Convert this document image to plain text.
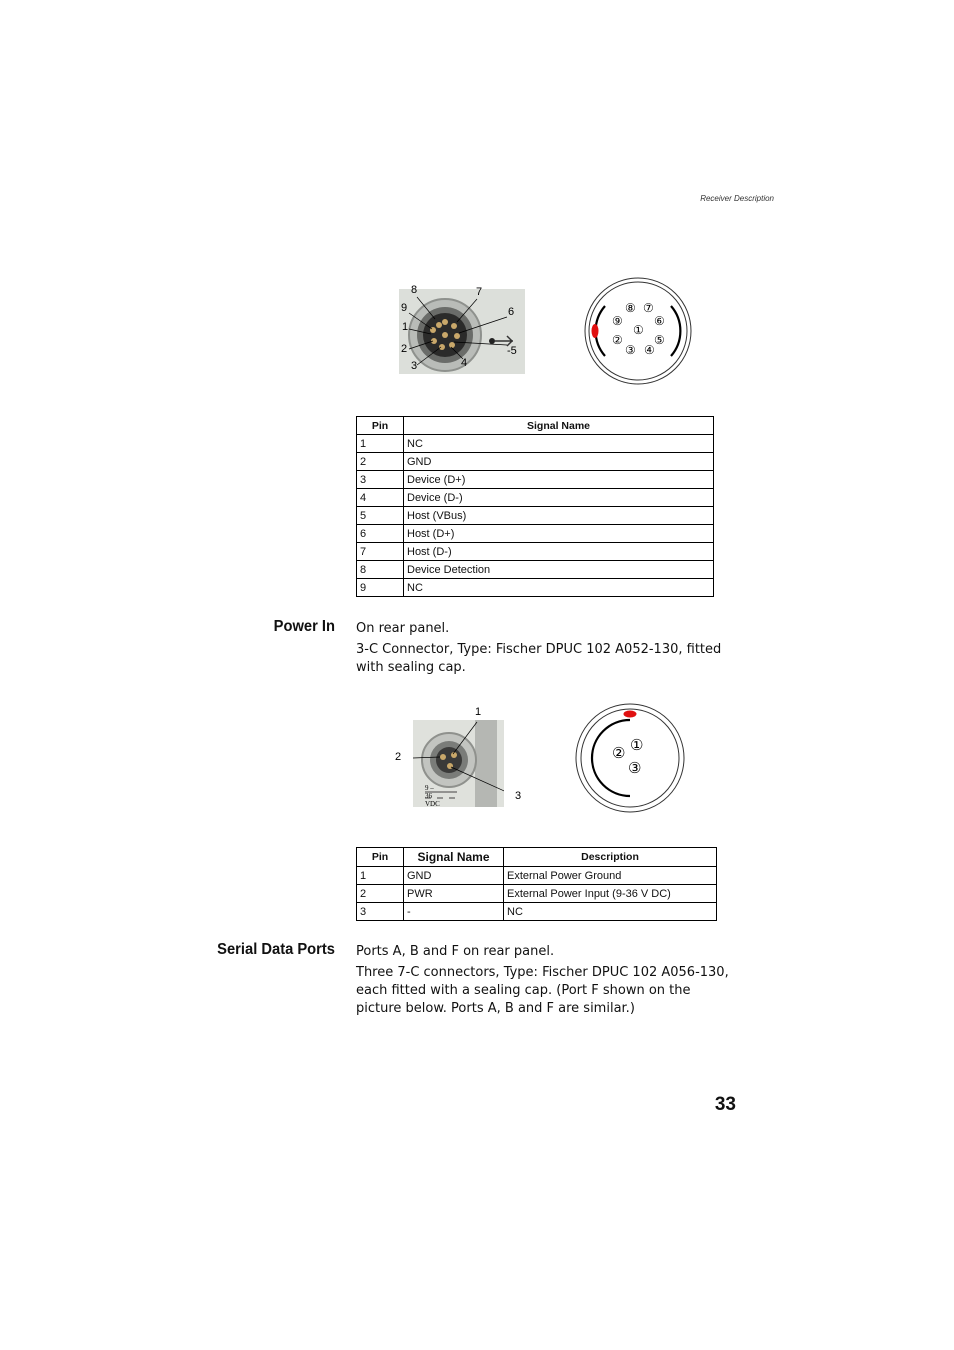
Receiver Description
8	7
9	6
1
2	-5
3	4
⑧ ⑦
⑨	⑥
①
②	⑤
③ ④
Pin	Signal Name
1	NC
2	GND
3	Device (D+)
4	Device (D-)
5	Host (VBus)
6	Host (D+)
7	Host (D-)
8	Device Detection
9	NC
Power In On rear panel.
3-C Connector, Type: Fischer DPUC 102 A052-130, fitted with sealing cap.
9 – 36 VDC
1
2
3
② ①
③
Pin	Signal Name	Description
1	GND	External Power Ground
2	PWR	External Power Input (9-36 V DC)
3	-	NC
Serial Data Ports Ports A, B and F on rear panel.
Three 7-C connectors, Type: Fischer DPUC 102 A056-130, each fitted with a sealing cap. (Port F shown on the picture below. Ports A, B and F are similar.)
33
